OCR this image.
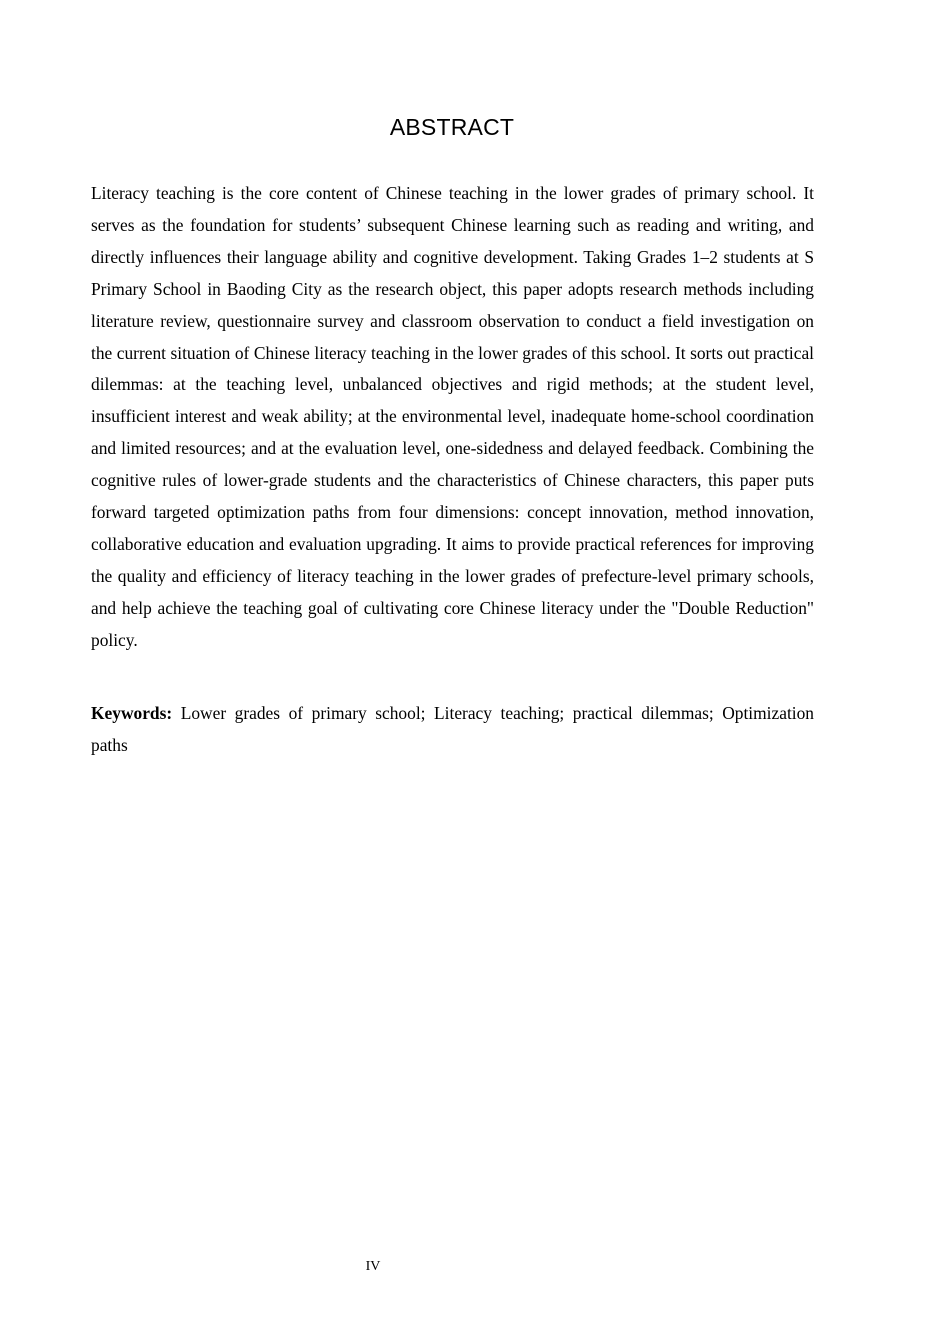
ABSTRACT

Literacy teaching is the core content of Chinese teaching in the lower grades of primary school. It serves as the foundation for students’ subsequent Chinese learning such as reading and writing, and directly influences their language ability and cognitive development. Taking Grades 1–2 students at S Primary School in Baoding City as the research object, this paper adopts research methods including literature review, questionnaire survey and classroom observation to conduct a field investigation on the current situation of Chinese literacy teaching in the lower grades of this school. It sorts out practical dilemmas: at the teaching level, unbalanced objectives and rigid methods; at the student level, insufficient interest and weak ability; at the environmental level, inadequate home-school coordination and limited resources; and at the evaluation level, one-sidedness and delayed feedback. Combining the cognitive rules of lower-grade students and the characteristics of Chinese characters, this paper puts forward targeted optimization paths from four dimensions: concept innovation, method innovation, collaborative education and evaluation upgrading. It aims to provide practical references for improving the quality and efficiency of literacy teaching in the lower grades of prefecture-level primary schools, and help achieve the teaching goal of cultivating core Chinese literacy under the "Double Reduction" policy.

Keywords: Lower grades of primary school; Literacy teaching; practical dilemmas; Optimization paths

IV
